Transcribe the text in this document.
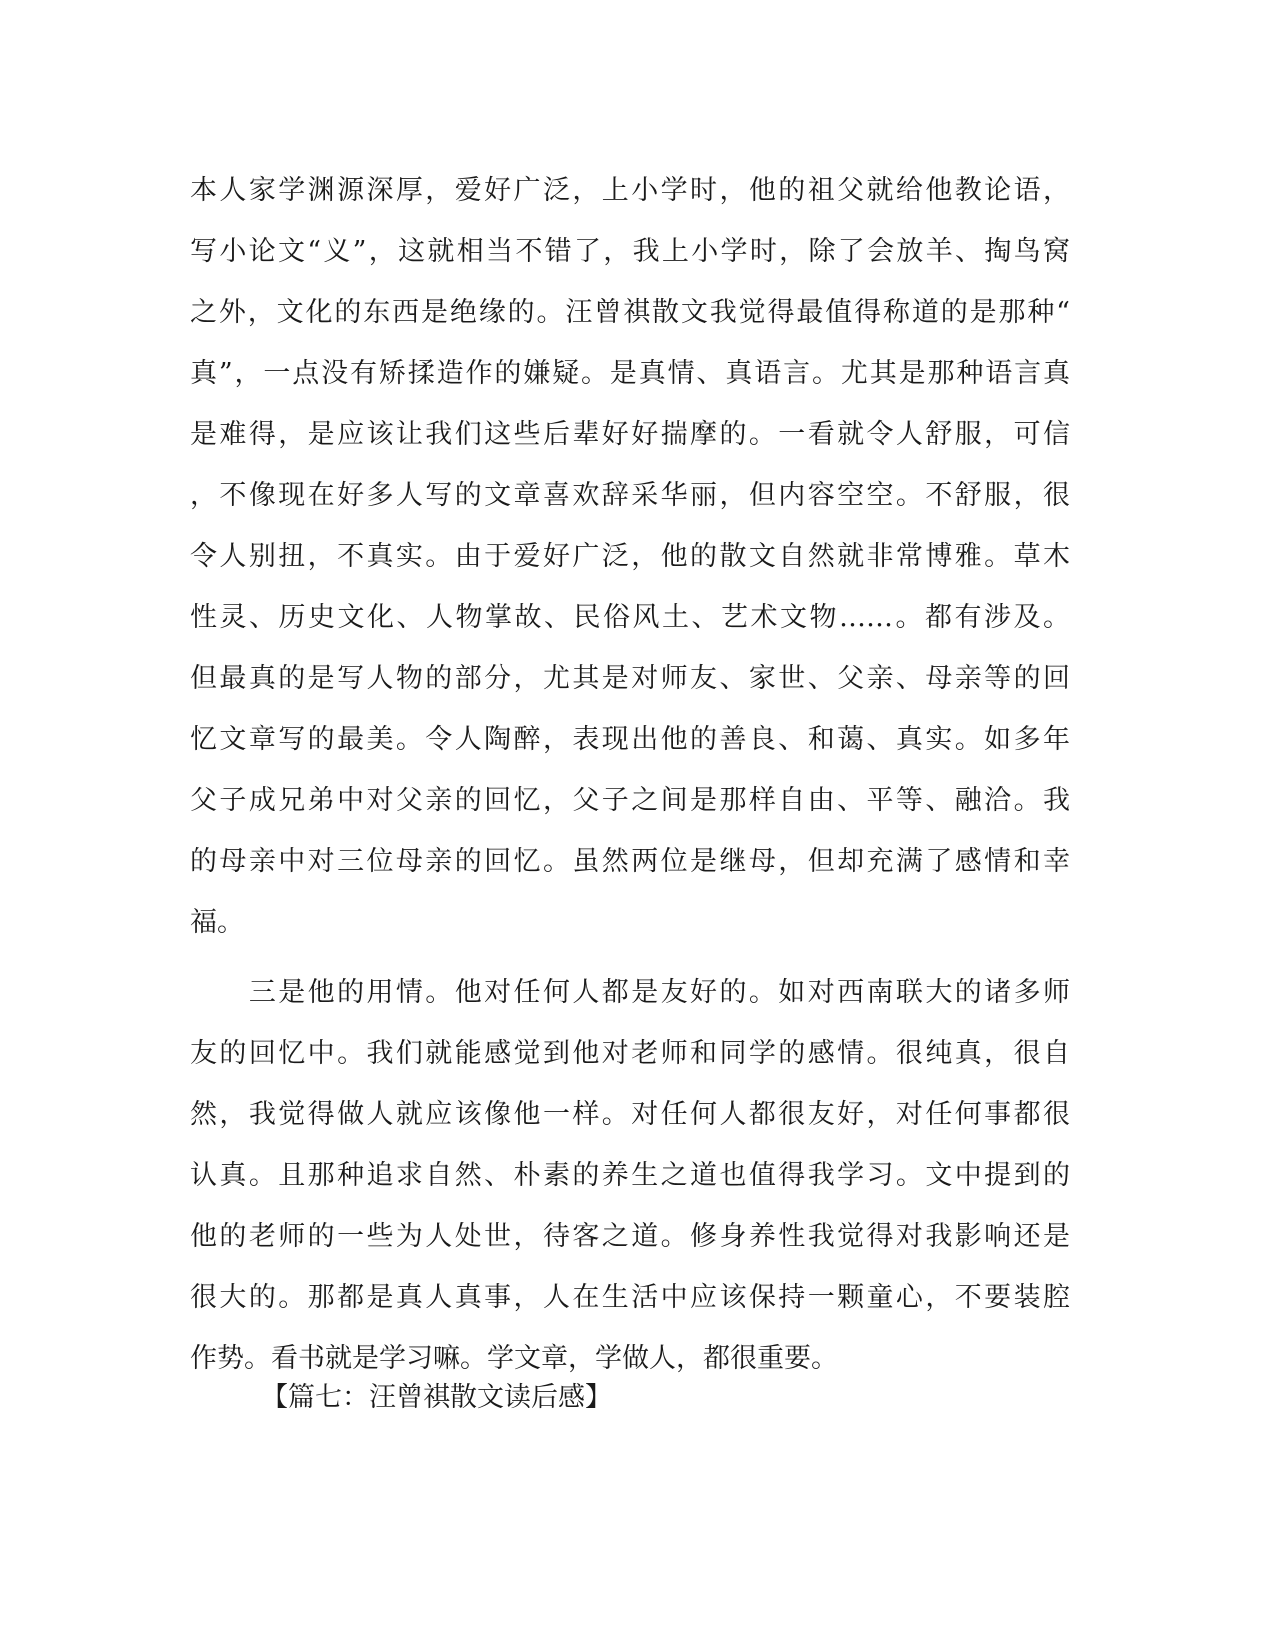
本人家学渊源深厚，爱好广泛，上小学时，他的祖父就给他教论语，
写小论文“义”，这就相当不错了，我上小学时，除了会放羊、掏鸟窝
之外，文化的东西是绝缘的。汪曾祺散文我觉得最值得称道的是那种“
真”，一点没有矫揉造作的嫌疑。是真情、真语言。尤其是那种语言真
是难得，是应该让我们这些后辈好好揣摩的。一看就令人舒服，可信
，不像现在好多人写的文章喜欢辞采华丽，但内容空空。不舒服，很
令人别扭，不真实。由于爱好广泛，他的散文自然就非常博雅。草木
性灵、历史文化、人物掌故、民俗风土、艺术文物……。都有涉及。
但最真的是写人物的部分，尤其是对师友、家世、父亲、母亲等的回
忆文章写的最美。令人陶醉，表现出他的善良、和蔼、真实。如多年
父子成兄弟中对父亲的回忆，父子之间是那样自由、平等、融洽。我
的母亲中对三位母亲的回忆。虽然两位是继母，但却充满了感情和幸
福。
　　三是他的用情。他对任何人都是友好的。如对西南联大的诸多师
友的回忆中。我们就能感觉到他对老师和同学的感情。很纯真，很自
然，我觉得做人就应该像他一样。对任何人都很友好，对任何事都很
认真。且那种追求自然、朴素的养生之道也值得我学习。文中提到的
他的老师的一些为人处世，待客之道。修身养性我觉得对我影响还是
很大的。那都是真人真事，人在生活中应该保持一颗童心，不要装腔
作势。看书就是学习嘛。学文章，学做人，都很重要。
【篇七：汪曾祺散文读后感】
